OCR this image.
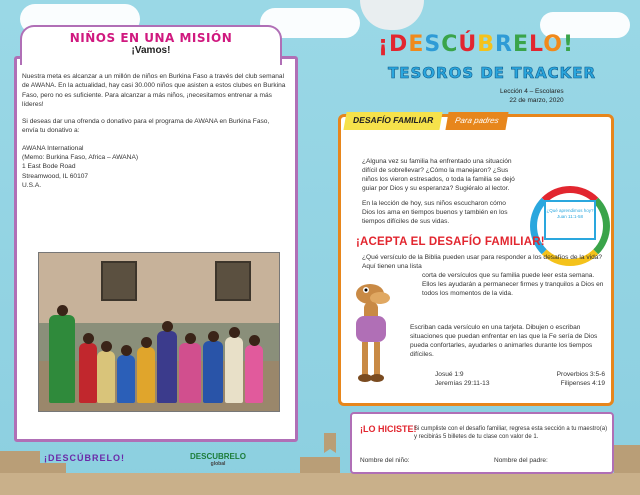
NIÑOS EN UNA MISIÓN
¡Vamos!

Nuestra meta es alcanzar a un millón de niños en Burkina Faso a través del club semanal de AWANA. En la actualidad, hay casi 30.000 niños que asisten a estos clubes en Burkina Faso, pero no es suficiente. Para alcanzar a más niños, ¡necesitamos entrenar a más líderes!

Si deseas dar una ofrenda o donativo para el programa de AWANA en Burkina Faso, envía tu donativo a:

AWANA International
(Memo: Burkina Faso, Africa – AWANA)
1 East Bode Road
Streamwood, IL 60107
U.S.A.

¡DESCÚBRELO!	DESCUBRELO
global
¡DESCÚBRELO!
TESOROS DE TRACKER
Lección 4 – Escolares
22 de marzo, 2020
DESAFÍO FAMILIAR	Para padres

¿Alguna vez su familia ha enfrentado una situación difícil de sobrellevar? ¿Cómo la manejaron? ¿Sus niños los vieron estresados, o toda la familia se dejó guiar por Dios y su esperanza? Sugiéralo al lector.

En la lección de hoy, sus niños escucharon cómo Dios los ama en tiempos buenos y también en los tiempos difíciles de sus vidas.

¿Qué aprendimos hoy? Juan 11:1-58
¡ACEPTA EL DESAFÍO FAMILIAR!

¿Qué versículo de la Biblia pueden usar para responder a los desafíos de la vida? Aquí tienen una lista

corta de versículos que su familia puede leer esta semana. Ellos les ayudarán a permanecer firmes y tranquilos a Dios en todos los momentos de la vida.

Escriban cada versículo en una tarjeta. Dibujen o escriban situaciones que puedan enfrentar en las que la Fe sería de Dios pueda confortarles, ayudarles o animarles durante los tiempos difíciles.
Josué 1:9	Proverbios 3:5-6
Jeremías 29:11-13	Filipenses 4:19
¡LO HICISTE!
Si cumpliste con el desafío familiar, regresa esta sección a tu maestro(a) y recibirás 5 billetes de tu clase con valor de 1.
Nombre del niño:	Nombre del padre:
